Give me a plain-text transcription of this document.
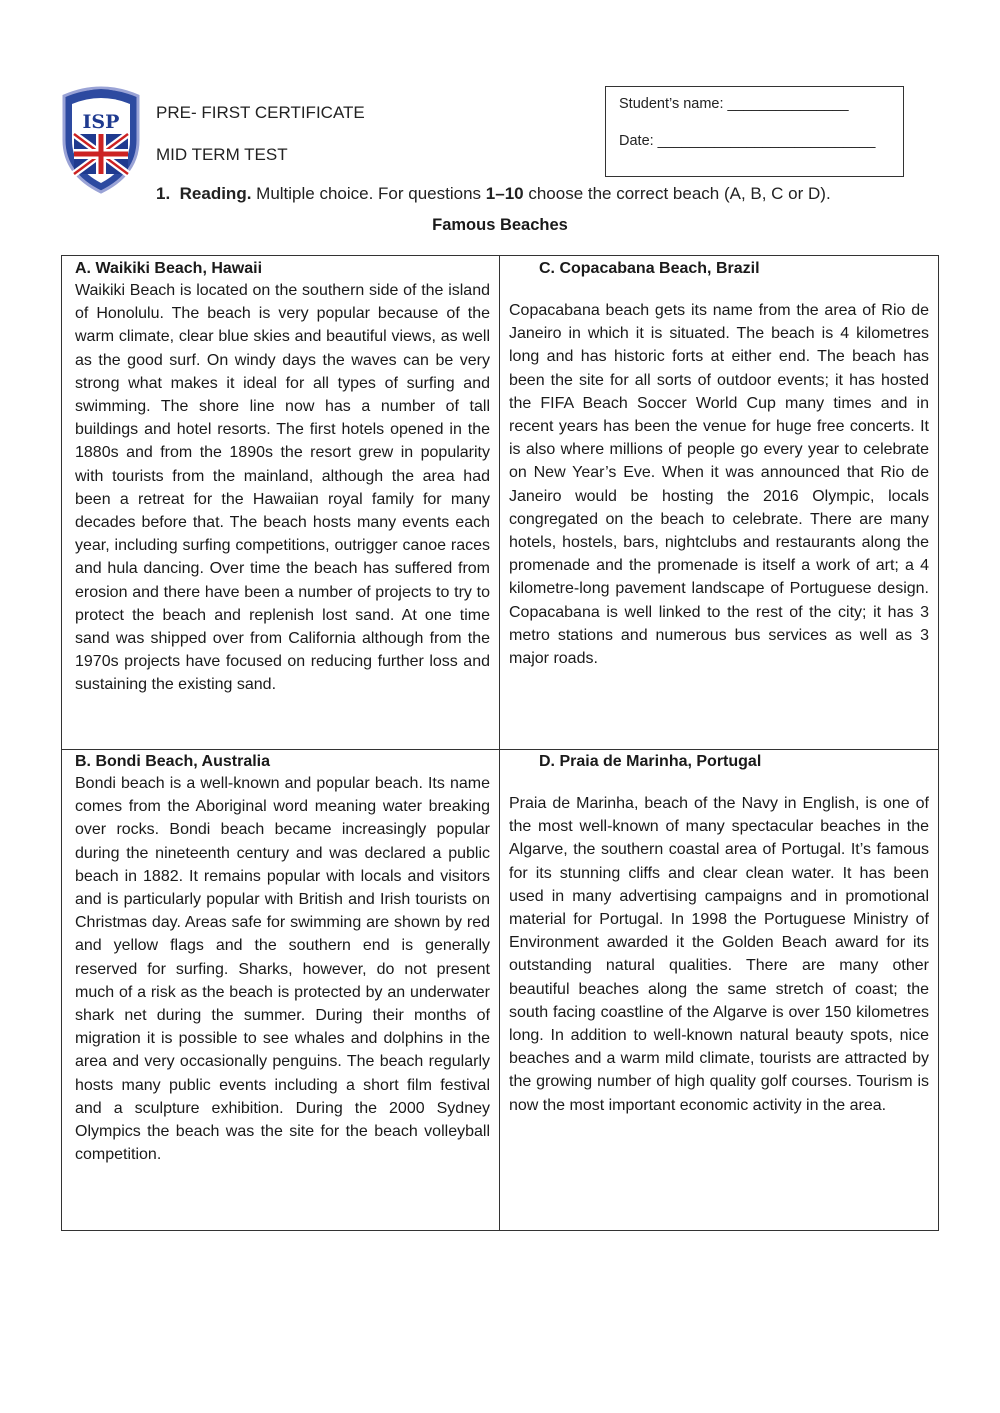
ISP PRE- FIRST CERTIFICATE
MID TERM TEST
Student’s name: _______________
Date: ___________________________
1. Reading. Multiple choice. For questions 1–10 choose the correct beach (A, B, C or D).
Famous Beaches
A. Waikiki Beach, Hawaii

Waikiki Beach is located on the southern side of the island of Honolulu. The beach is very popular because of the warm climate, clear blue skies and beautiful views, as well as the good surf. On windy days the waves can be very strong what makes it ideal for all types of surfing and swimming. The shore line now has a number of tall buildings and hotel resorts. The first hotels opened in the 1880s and from the 1890s the resort grew in popularity with tourists from the mainland, although the area had been a retreat for the Hawaiian royal family for many decades before that. The beach hosts many events each year, including surfing competitions, outrigger canoe races and hula dancing. Over time the beach has suffered from erosion and there have been a number of projects to try to protect the beach and replenish lost sand. At one time sand was shipped over from California although from the 1970s projects have focused on reducing further loss and sustaining the existing sand.

C. Copacabana Beach, Brazil

Copacabana beach gets its name from the area of Rio de Janeiro in which it is situated. The beach is 4 kilometres long and has historic forts at either end. The beach has been the site for all sorts of outdoor events; it has hosted the FIFA Beach Soccer World Cup many times and in recent years has been the venue for huge free concerts. It is also where millions of people go every year to celebrate on New Year’s Eve. When it was announced that Rio de Janeiro would be hosting the 2016 Olympic, locals congregated on the beach to celebrate. There are many hotels, hostels, bars, nightclubs and restaurants along the promenade and the promenade is itself a work of art; a 4 kilometre-long pavement landscape of Portuguese design. Copacabana is well linked to the rest of the city; it has 3 metro stations and numerous bus services as well as 3 major roads.

B. Bondi Beach, Australia

Bondi beach is a well-known and popular beach. Its name comes from the Aboriginal word meaning water breaking over rocks. Bondi beach became increasingly popular during the nineteenth century and was declared a public beach in 1882. It remains popular with locals and visitors and is particularly popular with British and Irish tourists on Christmas day. Areas safe for swimming are shown by red and yellow flags and the southern end is generally reserved for surfing. Sharks, however, do not present much of a risk as the beach is protected by an underwater shark net during the summer. During their months of migration it is possible to see whales and dolphins in the area and very occasionally penguins. The beach regularly hosts many public events including a short film festival and a sculpture exhibition. During the 2000 Sydney Olympics the beach was the site for the beach volleyball competition.

D. Praia de Marinha, Portugal

Praia de Marinha, beach of the Navy in English, is one of the most well-known of many spectacular beaches in the Algarve, the southern coastal area of Portugal. It’s famous for its stunning cliffs and clear clean water. It has been used in many advertising campaigns and in promotional material for Portugal. In 1998 the Portuguese Ministry of Environment awarded it the Golden Beach award for its outstanding natural qualities. There are many other beautiful beaches along the same stretch of coast; the south facing coastline of the Algarve is over 150 kilometres long. In addition to well-known natural beauty spots, nice beaches and a warm mild climate, tourists are attracted by the growing number of high quality golf courses. Tourism is now the most important economic activity in the area.
